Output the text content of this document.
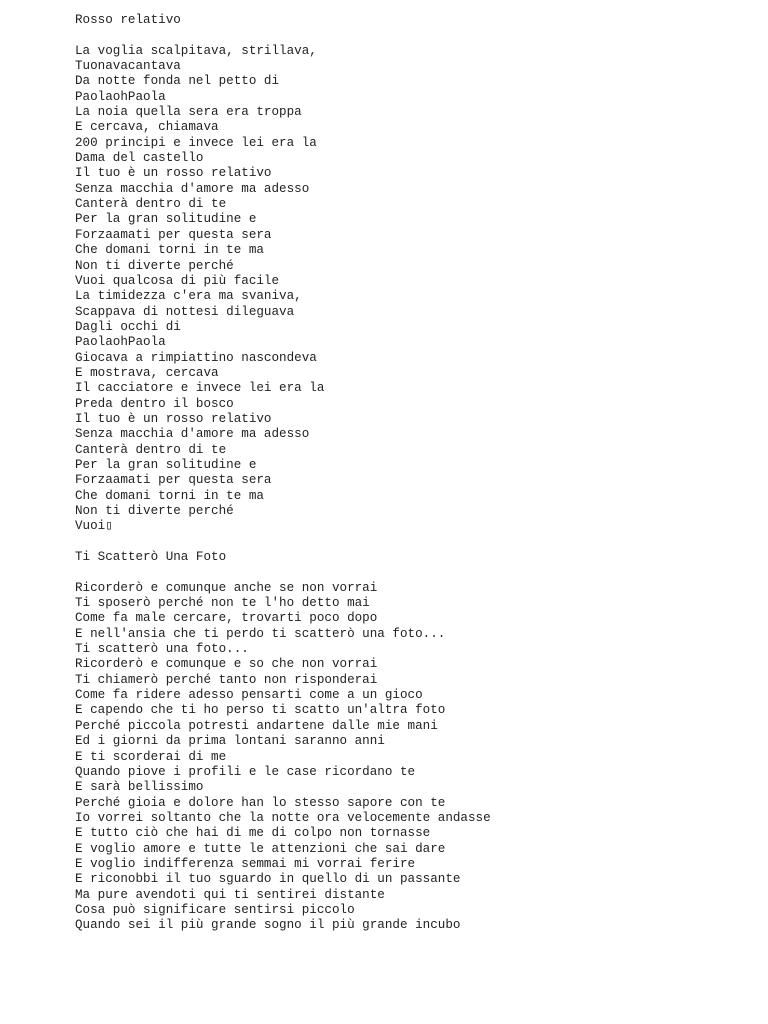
Rosso relativo
La voglia scalpitava, strillava,
Tuonavacantava
Da notte fonda nel petto di
PaolaohPaola
La noia quella sera era troppa
E cercava, chiamava
200 principi e invece lei era la
Dama del castello
Il tuo è un rosso relativo
Senza macchia d'amore ma adesso
Canterà dentro di te
Per la gran solitudine e
Forzaamati per questa sera
Che domani torni in te ma
Non ti diverte perché
Vuoi qualcosa di più facile
La timidezza c'era ma svaniva,
Scappava di nottesi dileguava
Dagli occhi di
PaolaohPaola
Giocava a rimpiattino nascondeva
E mostrava, cercava
Il cacciatore e invece lei era la
Preda dentro il bosco
Il tuo è un rosso relativo
Senza macchia d'amore ma adesso
Canterà dentro di te
Per la gran solitudine e
Forzaamati per questa sera
Che domani torni in te ma
Non ti diverte perché
Vuoi▯
Ti Scatterò Una Foto
Ricorderò e comunque anche se non vorrai
Ti sposerò perché non te l'ho detto mai
Come fa male cercare, trovarti poco dopo
E nell'ansia che ti perdo ti scatterò una foto...
Ti scatterò una foto...
Ricorderò e comunque e so che non vorrai
Ti chiamerò perché tanto non risponderai
Come fa ridere adesso pensarti come a un gioco
E capendo che ti ho perso ti scatto un'altra foto
Perché piccola potresti andartene dalle mie mani
Ed i giorni da prima lontani saranno anni
E ti scorderai di me
Quando piove i profili e le case ricordano te
E sarà bellissimo
Perché gioia e dolore han lo stesso sapore con te
Io vorrei soltanto che la notte ora velocemente andasse
E tutto ciò che hai di me di colpo non tornasse
E voglio amore e tutte le attenzioni che sai dare
E voglio indifferenza semmai mi vorrai ferire
E riconobbi il tuo sguardo in quello di un passante
Ma pure avendoti qui ti sentirei distante
Cosa può significare sentirsi piccolo
Quando sei il più grande sogno il più grande incubo
